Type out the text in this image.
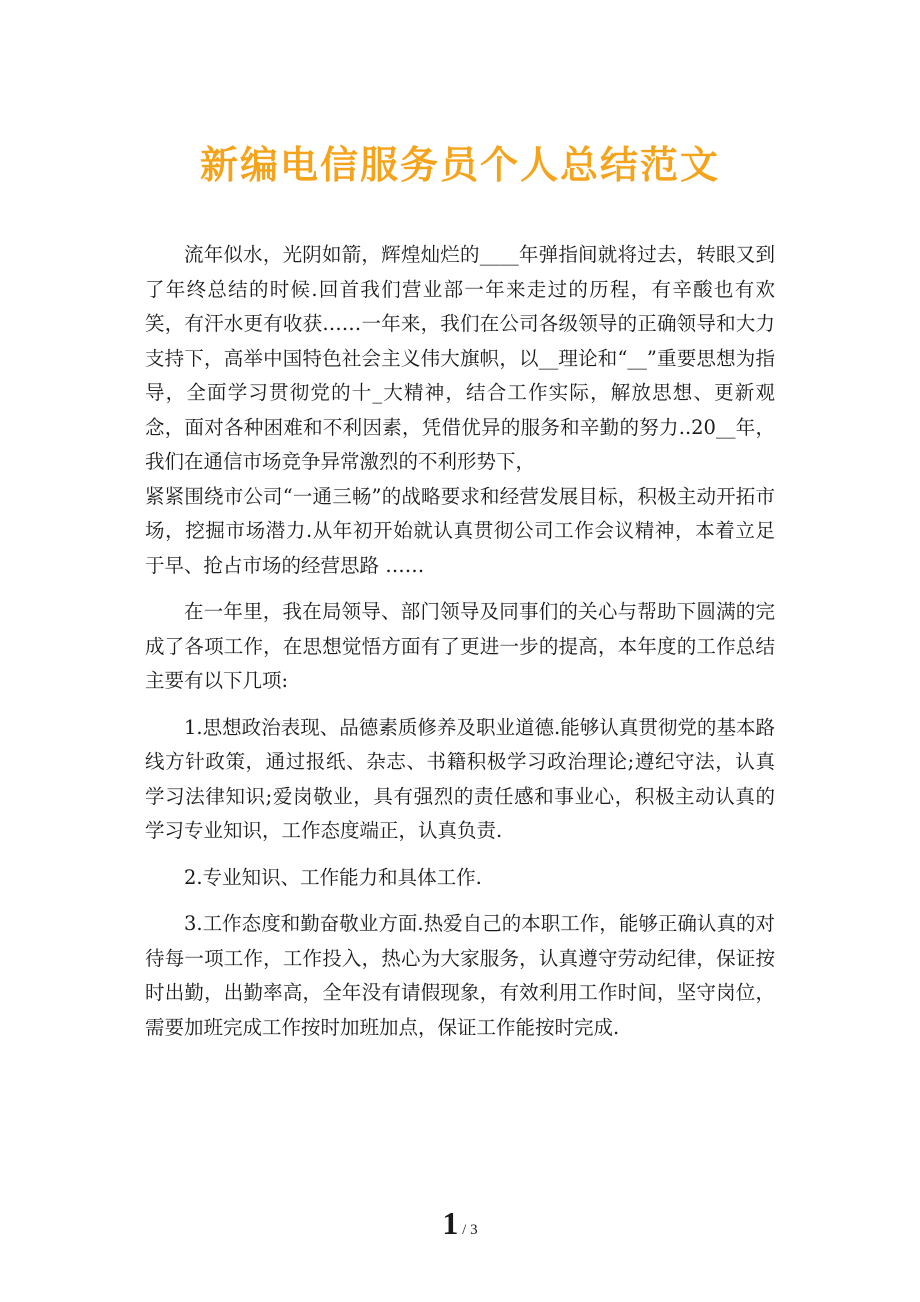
新编电信服务员个人总结范文

流年似水，光阴如箭，辉煌灿烂的____年弹指间就将过去，转眼又到了年终总结的时候.回首我们营业部一年来走过的历程，有辛酸也有欢笑，有汗水更有收获……一年来，我们在公司各级领导的正确领导和大力支持下，高举中国特色社会主义伟大旗帜，以__理论和“__”重要思想为指导，全面学习贯彻党的十_大精神，结合工作实际，解放思想、更新观念，面对各种困难和不利因素，凭借优异的服务和辛勤的努力..20__年，我们在通信市场竞争异常激烈的不利形势下，

紧紧围绕市公司“一通三畅”的战略要求和经营发展目标，积极主动开拓市场，挖掘市场潜力.从年初开始就认真贯彻公司工作会议精神，本着立足于早、抢占市场的经营思路 ……

在一年里，我在局领导、部门领导及同事们的关心与帮助下圆满的完成了各项工作，在思想觉悟方面有了更进一步的提高，本年度的工作总结主要有以下几项:

1.思想政治表现、品德素质修养及职业道德.能够认真贯彻党的基本路线方针政策，通过报纸、杂志、书籍积极学习政治理论;遵纪守法，认真学习法律知识;爱岗敬业，具有强烈的责任感和事业心，积极主动认真的学习专业知识，工作态度端正，认真负责.

2.专业知识、工作能力和具体工作.

3.工作态度和勤奋敬业方面.热爱自己的本职工作，能够正确认真的对待每一项工作，工作投入，热心为大家服务，认真遵守劳动纪律，保证按时出勤，出勤率高，全年没有请假现象，有效利用工作时间，坚守岗位，需要加班完成工作按时加班加点，保证工作能按时完成.

1 / 3
